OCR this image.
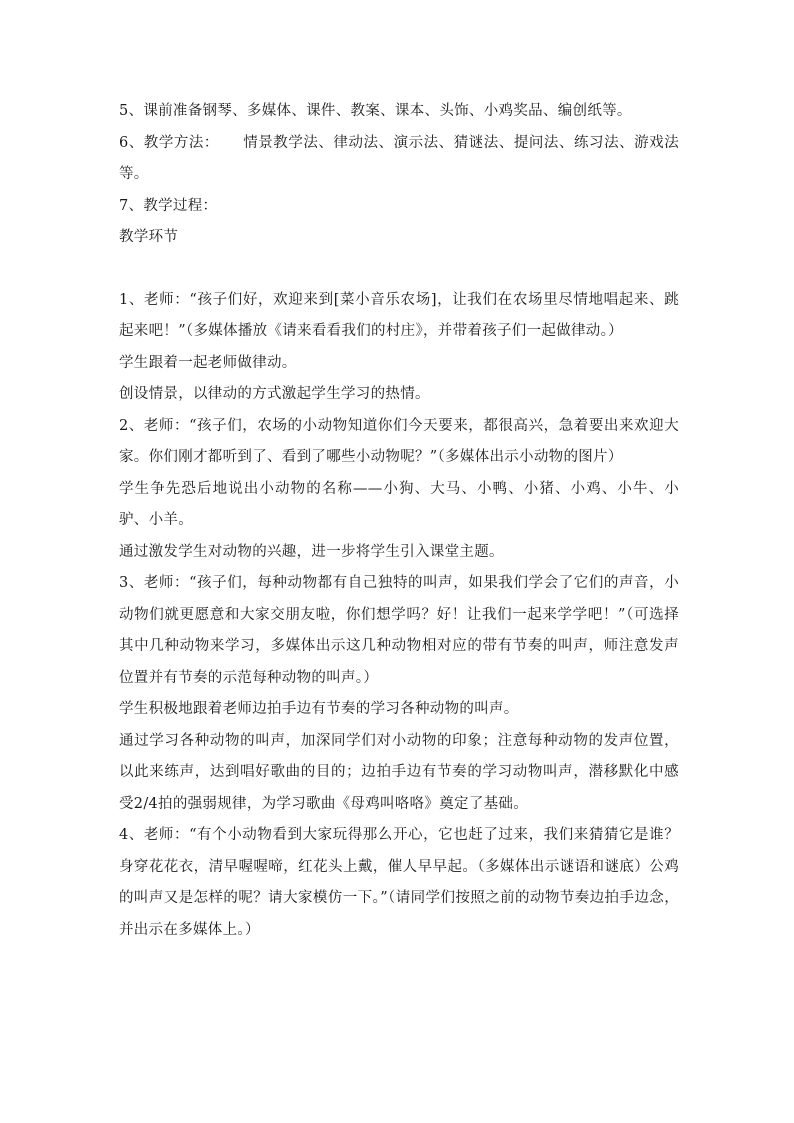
5、课前准备钢琴、多媒体、课件、教案、课本、头饰、小鸡奖品、编创纸等。

6、教学方法： 情景教学法、律动法、演示法、猜谜法、提问法、练习法、游戏法等。

7、教学过程：

教学环节

1、老师：“孩子们好，欢迎来到[菜小音乐农场]，让我们在农场里尽情地唱起来、跳起来吧！”（多媒体播放《请来看看我们的村庄》，并带着孩子们一起做律动。）

学生跟着一起老师做律动。

创设情景，以律动的方式激起学生学习的热情。

2、老师：“孩子们，农场的小动物知道你们今天要来，都很高兴，急着要出来欢迎大家。你们刚才都听到了、看到了哪些小动物呢？”（多媒体出示小动物的图片）

学生争先恐后地说出小动物的名称——小狗、大马、小鸭、小猪、小鸡、小牛、小驴、小羊。

通过激发学生对动物的兴趣，进一步将学生引入课堂主题。

3、老师：“孩子们，每种动物都有自己独特的叫声，如果我们学会了它们的声音，小动物们就更愿意和大家交朋友啦，你们想学吗？好！让我们一起来学学吧！”（可选择其中几种动物来学习，多媒体出示这几种动物相对应的带有节奏的叫声，师注意发声位置并有节奏的示范每种动物的叫声。）

学生积极地跟着老师边拍手边有节奏的学习各种动物的叫声。

通过学习各种动物的叫声，加深同学们对小动物的印象；注意每种动物的发声位置，以此来练声，达到唱好歌曲的目的；边拍手边有节奏的学习动物叫声，潜移默化中感受2/4拍的强弱规律，为学习歌曲《母鸡叫咯咯》奠定了基础。

4、老师：“有个小动物看到大家玩得那么开心，它也赶了过来，我们来猜猜它是谁？身穿花花衣，清早喔喔啼，红花头上戴，催人早早起。（多媒体出示谜语和谜底）公鸡的叫声又是怎样的呢？请大家模仿一下。”（请同学们按照之前的动物节奏边拍手边念，并出示在多媒体上。）
